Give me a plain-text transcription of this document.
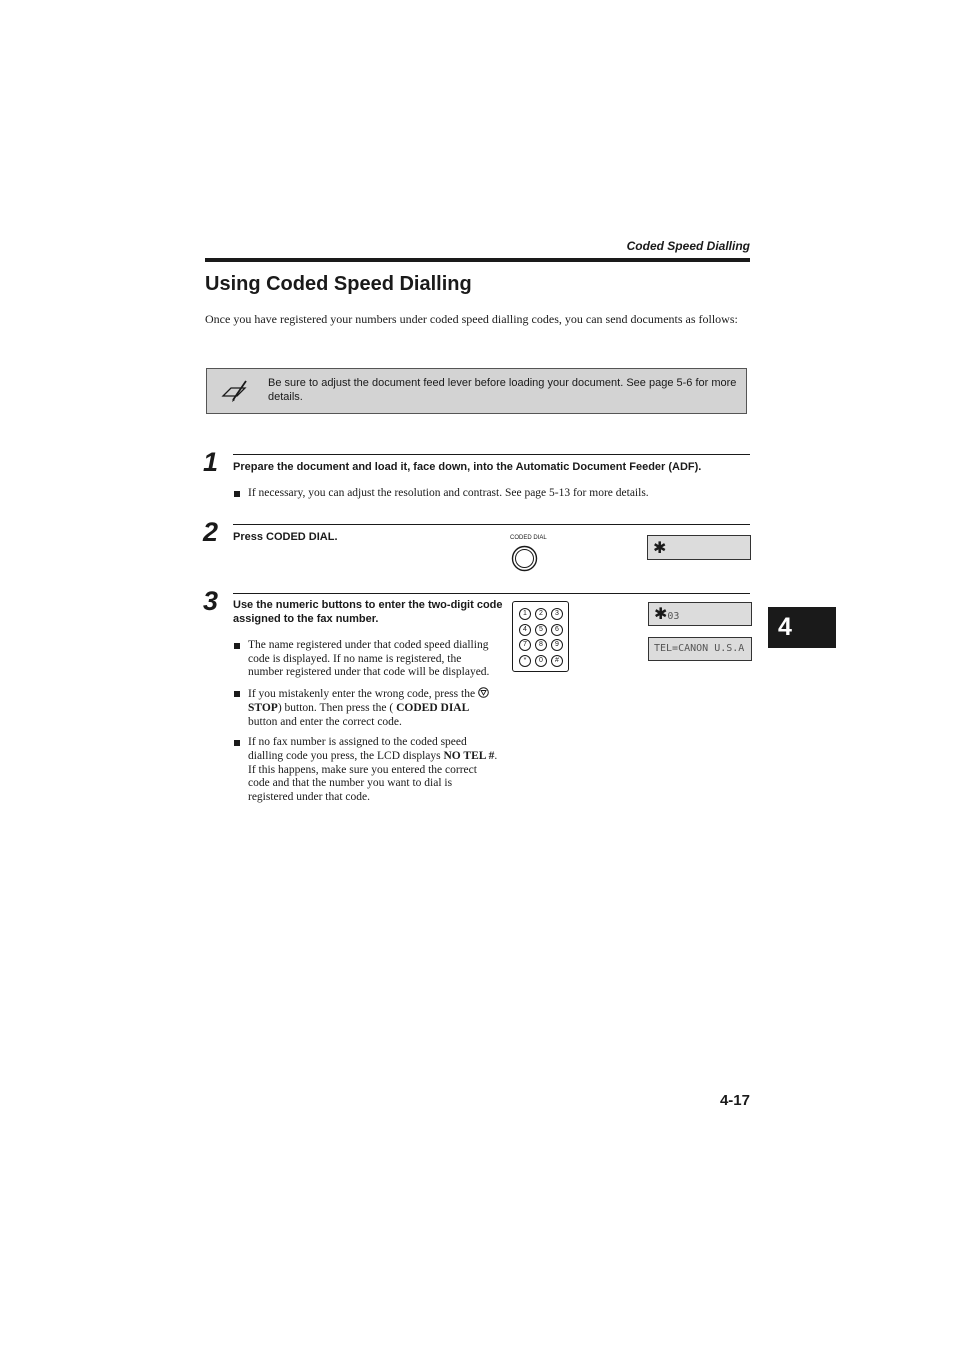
Coded Speed Dialling
Using Coded Speed Dialling

Once you have registered your numbers under coded speed dialling codes, you can send documents as follows:

Be sure to adjust the document feed lever before loading your document. See page 5-6 for more details.
1 Prepare the document and load it, face down, into the Automatic Document Feeder (ADF).
If necessary, you can adjust the resolution and contrast. See page 5-13 for more details.
2 Press CODED DIAL.	CODED DIAL	✱
3 Use the numeric buttons to enter the two-digit code assigned to the fax number.	1	2	3
4	5	6
7	8	9
*	0	#
✱03
TEL=CANON U.S.A
The name registered under that coded speed dialling code is displayed. If no name is registered, the number registered under that code will be displayed.
If you mistakenly enter the wrong code, press the  STOP) button. Then press the ( CODED DIAL button and enter the correct code.
If no fax number is assigned to the coded speed dialling code you press, the LCD displays NO TEL #. If this happens, make sure you entered the correct code and that the number you want to dial is registered under that code.
4
4-17
